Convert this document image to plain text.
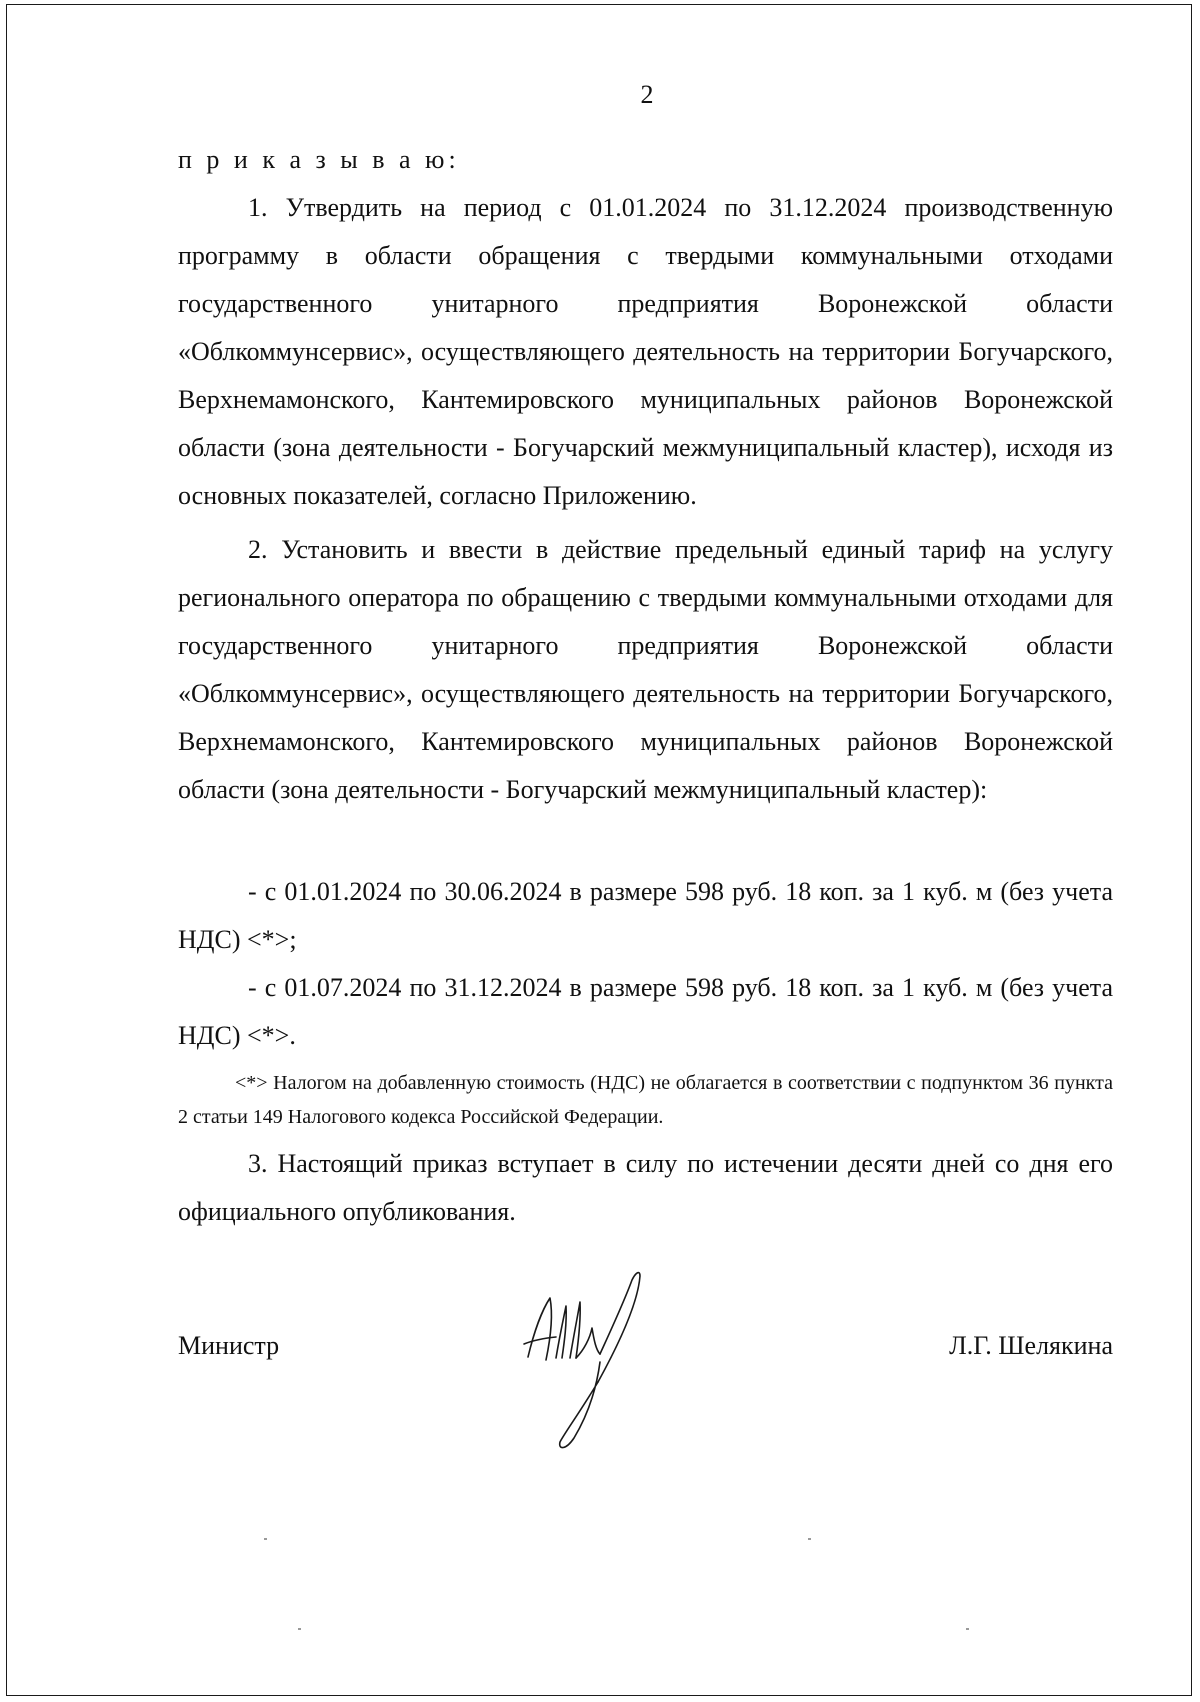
2
п р и к а з ы в а ю:
1. Утвердить на период с 01.01.2024 по 31.12.2024 производственную программу в области обращения с твердыми коммунальными отходами государственного унитарного предприятия Воронежской области «Облкоммунсервис», осуществляющего деятельность на территории Богучарского, Верхнемамонского, Кантемировского муниципальных районов Воронежской области (зона деятельности - Богучарский межмуниципальный кластер), исходя из основных показателей, согласно Приложению.
2. Установить и ввести в действие предельный единый тариф на услугу регионального оператора по обращению с твердыми коммунальными отходами для государственного унитарного предприятия Воронежской области «Облкоммунсервис», осуществляющего деятельность на территории Богучарского, Верхнемамонского, Кантемировского муниципальных районов Воронежской области (зона деятельности - Богучарский межмуниципальный кластер):
- с 01.01.2024 по 30.06.2024 в размере 598 руб. 18 коп. за 1 куб. м (без учета НДС) <*>;
- с 01.07.2024 по 31.12.2024 в размере 598 руб. 18 коп. за 1 куб. м (без учета НДС) <*>.
<*> Налогом на добавленную стоимость (НДС) не облагается в соответствии с подпунктом 36 пункта 2 статьи 149 Налогового кодекса Российской Федерации.
3. Настоящий приказ вступает в силу по истечении десяти дней со дня его официального опубликования.
Министр	Л.Г. Шелякина
